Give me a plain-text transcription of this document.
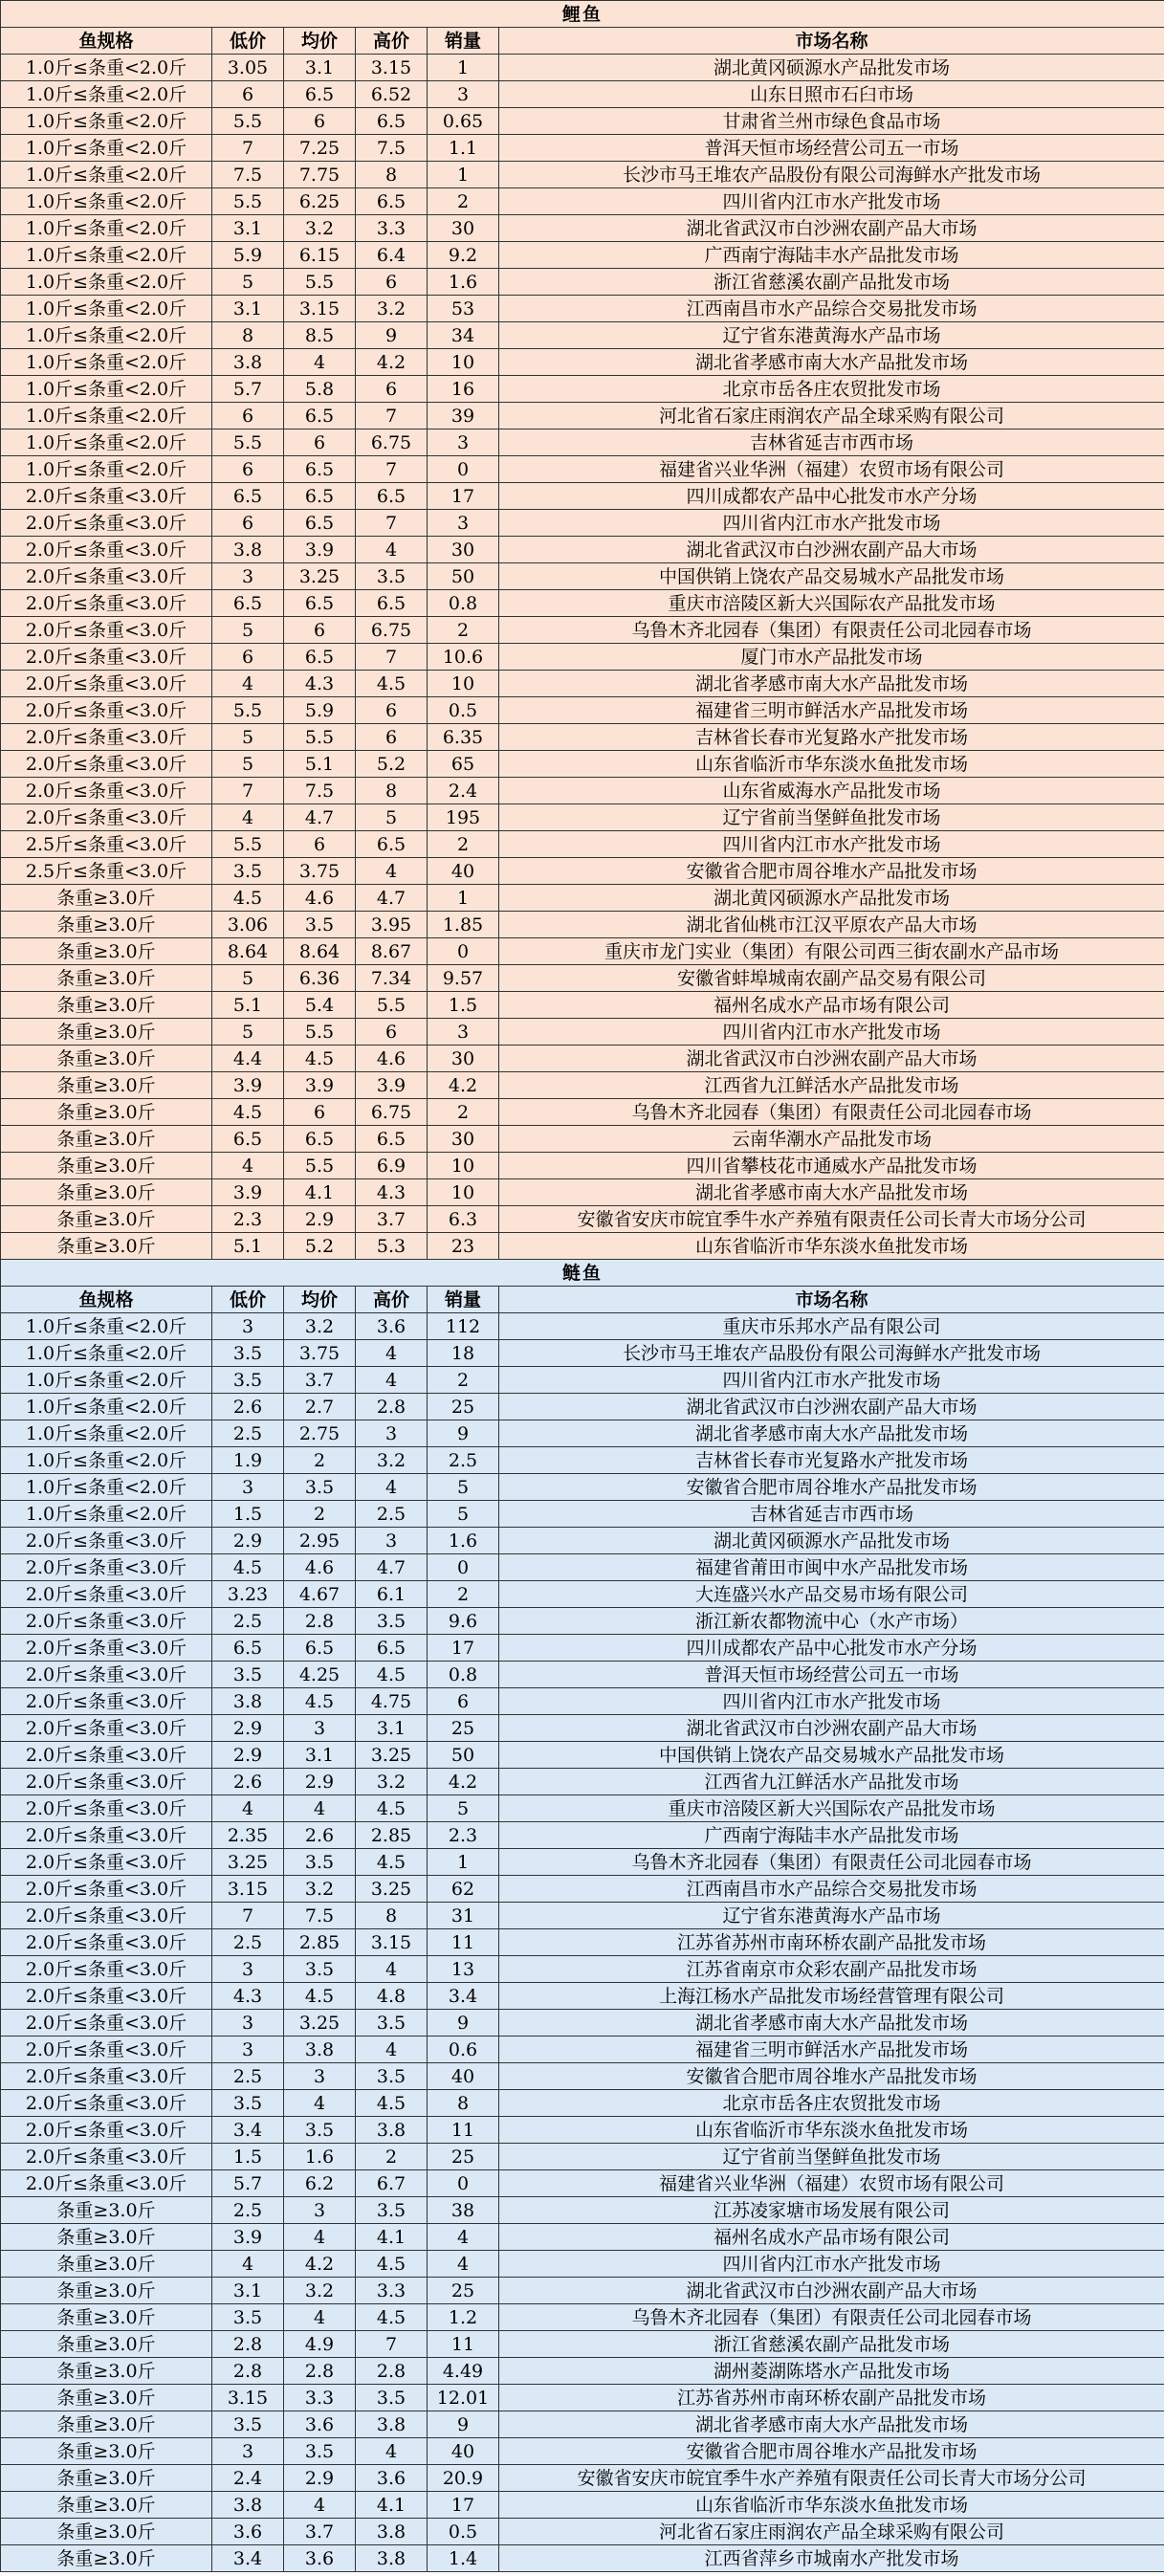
鲤鱼					
鱼规格	低价	均价	高价	销量	市场名称
1.0斤≤条重<2.0斤	3.05	3.1	3.15	1	湖北黄冈硕源水产品批发市场
1.0斤≤条重<2.0斤	6	6.5	6.52	3	山东日照市石臼市场
1.0斤≤条重<2.0斤	5.5	6	6.5	0.65	甘肃省兰州市绿色食品市场
1.0斤≤条重<2.0斤	7	7.25	7.5	1.1	普洱天恒市场经营公司五一市场
1.0斤≤条重<2.0斤	7.5	7.75	8	1	长沙市马王堆农产品股份有限公司海鲜水产批发市场
1.0斤≤条重<2.0斤	5.5	6.25	6.5	2	四川省内江市水产批发市场
1.0斤≤条重<2.0斤	3.1	3.2	3.3	30	湖北省武汉市白沙洲农副产品大市场
1.0斤≤条重<2.0斤	5.9	6.15	6.4	9.2	广西南宁海陆丰水产品批发市场
1.0斤≤条重<2.0斤	5	5.5	6	1.6	浙江省慈溪农副产品批发市场
1.0斤≤条重<2.0斤	3.1	3.15	3.2	53	江西南昌市水产品综合交易批发市场
1.0斤≤条重<2.0斤	8	8.5	9	34	辽宁省东港黄海水产品市场
1.0斤≤条重<2.0斤	3.8	4	4.2	10	湖北省孝感市南大水产品批发市场
1.0斤≤条重<2.0斤	5.7	5.8	6	16	北京市岳各庄农贸批发市场
1.0斤≤条重<2.0斤	6	6.5	7	39	河北省石家庄雨润农产品全球采购有限公司
1.0斤≤条重<2.0斤	5.5	6	6.75	3	吉林省延吉市西市场
1.0斤≤条重<2.0斤	6	6.5	7	0	福建省兴业华洲（福建）农贸市场有限公司
2.0斤≤条重<3.0斤	6.5	6.5	6.5	17	四川成都农产品中心批发市水产分场
2.0斤≤条重<3.0斤	6	6.5	7	3	四川省内江市水产批发市场
2.0斤≤条重<3.0斤	3.8	3.9	4	30	湖北省武汉市白沙洲农副产品大市场
2.0斤≤条重<3.0斤	3	3.25	3.5	50	中国供销上饶农产品交易城水产品批发市场
2.0斤≤条重<3.0斤	6.5	6.5	6.5	0.8	重庆市涪陵区新大兴国际农产品批发市场
2.0斤≤条重<3.0斤	5	6	6.75	2	乌鲁木齐北园春（集团）有限责任公司北园春市场
2.0斤≤条重<3.0斤	6	6.5	7	10.6	厦门市水产品批发市场
2.0斤≤条重<3.0斤	4	4.3	4.5	10	湖北省孝感市南大水产品批发市场
2.0斤≤条重<3.0斤	5.5	5.9	6	0.5	福建省三明市鲜活水产品批发市场
2.0斤≤条重<3.0斤	5	5.5	6	6.35	吉林省长春市光复路水产批发市场
2.0斤≤条重<3.0斤	5	5.1	5.2	65	山东省临沂市华东淡水鱼批发市场
2.0斤≤条重<3.0斤	7	7.5	8	2.4	山东省威海水产品批发市场
2.0斤≤条重<3.0斤	4	4.7	5	195	辽宁省前当堡鲜鱼批发市场
2.5斤≤条重<3.0斤	5.5	6	6.5	2	四川省内江市水产批发市场
2.5斤≤条重<3.0斤	3.5	3.75	4	40	安徽省合肥市周谷堆水产品批发市场
条重≥3.0斤	4.5	4.6	4.7	1	湖北黄冈硕源水产品批发市场
条重≥3.0斤	3.06	3.5	3.95	1.85	湖北省仙桃市江汉平原农产品大市场
条重≥3.0斤	8.64	8.64	8.67	0	重庆市龙门实业（集团）有限公司西三街农副水产品市场
条重≥3.0斤	5	6.36	7.34	9.57	安徽省蚌埠城南农副产品交易有限公司
条重≥3.0斤	5.1	5.4	5.5	1.5	福州名成水产品市场有限公司
条重≥3.0斤	5	5.5	6	3	四川省内江市水产批发市场
条重≥3.0斤	4.4	4.5	4.6	30	湖北省武汉市白沙洲农副产品大市场
条重≥3.0斤	3.9	3.9	3.9	4.2	江西省九江鲜活水产品批发市场
条重≥3.0斤	4.5	6	6.75	2	乌鲁木齐北园春（集团）有限责任公司北园春市场
条重≥3.0斤	6.5	6.5	6.5	30	云南华潮水产品批发市场
条重≥3.0斤	4	5.5	6.9	10	四川省攀枝花市通威水产品批发市场
条重≥3.0斤	3.9	4.1	4.3	10	湖北省孝感市南大水产品批发市场
条重≥3.0斤	2.3	2.9	3.7	6.3	安徽省安庆市皖宜季牛水产养殖有限责任公司长青大市场分公司
条重≥3.0斤	5.1	5.2	5.3	23	山东省临沂市华东淡水鱼批发市场
鲢鱼					
鱼规格	低价	均价	高价	销量	市场名称
1.0斤≤条重<2.0斤	3	3.2	3.6	112	重庆市乐邦水产品有限公司
1.0斤≤条重<2.0斤	3.5	3.75	4	18	长沙市马王堆农产品股份有限公司海鲜水产批发市场
1.0斤≤条重<2.0斤	3.5	3.7	4	2	四川省内江市水产批发市场
1.0斤≤条重<2.0斤	2.6	2.7	2.8	25	湖北省武汉市白沙洲农副产品大市场
1.0斤≤条重<2.0斤	2.5	2.75	3	9	湖北省孝感市南大水产品批发市场
1.0斤≤条重<2.0斤	1.9	2	3.2	2.5	吉林省长春市光复路水产批发市场
1.0斤≤条重<2.0斤	3	3.5	4	5	安徽省合肥市周谷堆水产品批发市场
1.0斤≤条重<2.0斤	1.5	2	2.5	5	吉林省延吉市西市场
2.0斤≤条重<3.0斤	2.9	2.95	3	1.6	湖北黄冈硕源水产品批发市场
2.0斤≤条重<3.0斤	4.5	4.6	4.7	0	福建省莆田市闽中水产品批发市场
2.0斤≤条重<3.0斤	3.23	4.67	6.1	2	大连盛兴水产品交易市场有限公司
2.0斤≤条重<3.0斤	2.5	2.8	3.5	9.6	浙江新农都物流中心（水产市场）
2.0斤≤条重<3.0斤	6.5	6.5	6.5	17	四川成都农产品中心批发市水产分场
2.0斤≤条重<3.0斤	3.5	4.25	4.5	0.8	普洱天恒市场经营公司五一市场
2.0斤≤条重<3.0斤	3.8	4.5	4.75	6	四川省内江市水产批发市场
2.0斤≤条重<3.0斤	2.9	3	3.1	25	湖北省武汉市白沙洲农副产品大市场
2.0斤≤条重<3.0斤	2.9	3.1	3.25	50	中国供销上饶农产品交易城水产品批发市场
2.0斤≤条重<3.0斤	2.6	2.9	3.2	4.2	江西省九江鲜活水产品批发市场
2.0斤≤条重<3.0斤	4	4	4.5	5	重庆市涪陵区新大兴国际农产品批发市场
2.0斤≤条重<3.0斤	2.35	2.6	2.85	2.3	广西南宁海陆丰水产品批发市场
2.0斤≤条重<3.0斤	3.25	3.5	4.5	1	乌鲁木齐北园春（集团）有限责任公司北园春市场
2.0斤≤条重<3.0斤	3.15	3.2	3.25	62	江西南昌市水产品综合交易批发市场
2.0斤≤条重<3.0斤	7	7.5	8	31	辽宁省东港黄海水产品市场
2.0斤≤条重<3.0斤	2.5	2.85	3.15	11	江苏省苏州市南环桥农副产品批发市场
2.0斤≤条重<3.0斤	3	3.5	4	13	江苏省南京市众彩农副产品批发市场
2.0斤≤条重<3.0斤	4.3	4.5	4.8	3.4	上海江杨水产品批发市场经营管理有限公司
2.0斤≤条重<3.0斤	3	3.25	3.5	9	湖北省孝感市南大水产品批发市场
2.0斤≤条重<3.0斤	3	3.8	4	0.6	福建省三明市鲜活水产品批发市场
2.0斤≤条重<3.0斤	2.5	3	3.5	40	安徽省合肥市周谷堆水产品批发市场
2.0斤≤条重<3.0斤	3.5	4	4.5	8	北京市岳各庄农贸批发市场
2.0斤≤条重<3.0斤	3.4	3.5	3.8	11	山东省临沂市华东淡水鱼批发市场
2.0斤≤条重<3.0斤	1.5	1.6	2	25	辽宁省前当堡鲜鱼批发市场
2.0斤≤条重<3.0斤	5.7	6.2	6.7	0	福建省兴业华洲（福建）农贸市场有限公司
条重≥3.0斤	2.5	3	3.5	38	江苏凌家塘市场发展有限公司
条重≥3.0斤	3.9	4	4.1	4	福州名成水产品市场有限公司
条重≥3.0斤	4	4.2	4.5	4	四川省内江市水产批发市场
条重≥3.0斤	3.1	3.2	3.3	25	湖北省武汉市白沙洲农副产品大市场
条重≥3.0斤	3.5	4	4.5	1.2	乌鲁木齐北园春（集团）有限责任公司北园春市场
条重≥3.0斤	2.8	4.9	7	11	浙江省慈溪农副产品批发市场
条重≥3.0斤	2.8	2.8	2.8	4.49	湖州菱湖陈塔水产品批发市场
条重≥3.0斤	3.15	3.3	3.5	12.01	江苏省苏州市南环桥农副产品批发市场
条重≥3.0斤	3.5	3.6	3.8	9	湖北省孝感市南大水产品批发市场
条重≥3.0斤	3	3.5	4	40	安徽省合肥市周谷堆水产品批发市场
条重≥3.0斤	2.4	2.9	3.6	20.9	安徽省安庆市皖宜季牛水产养殖有限责任公司长青大市场分公司
条重≥3.0斤	3.8	4	4.1	17	山东省临沂市华东淡水鱼批发市场
条重≥3.0斤	3.6	3.7	3.8	0.5	河北省石家庄雨润农产品全球采购有限公司
条重≥3.0斤	3.4	3.6	3.8	1.4	江西省萍乡市城南水产批发市场
